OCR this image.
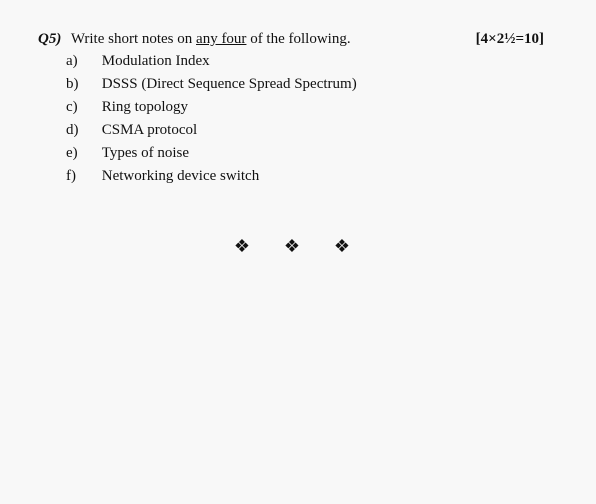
Q5) Write short notes on any four of the following.	[4×2½=10]
a) Modulation Index
b) DSSS (Direct Sequence Spread Spectrum)
c) Ring topology
d) CSMA protocol
e) Types of noise
f) Networking device switch
❖ ❖ ❖
